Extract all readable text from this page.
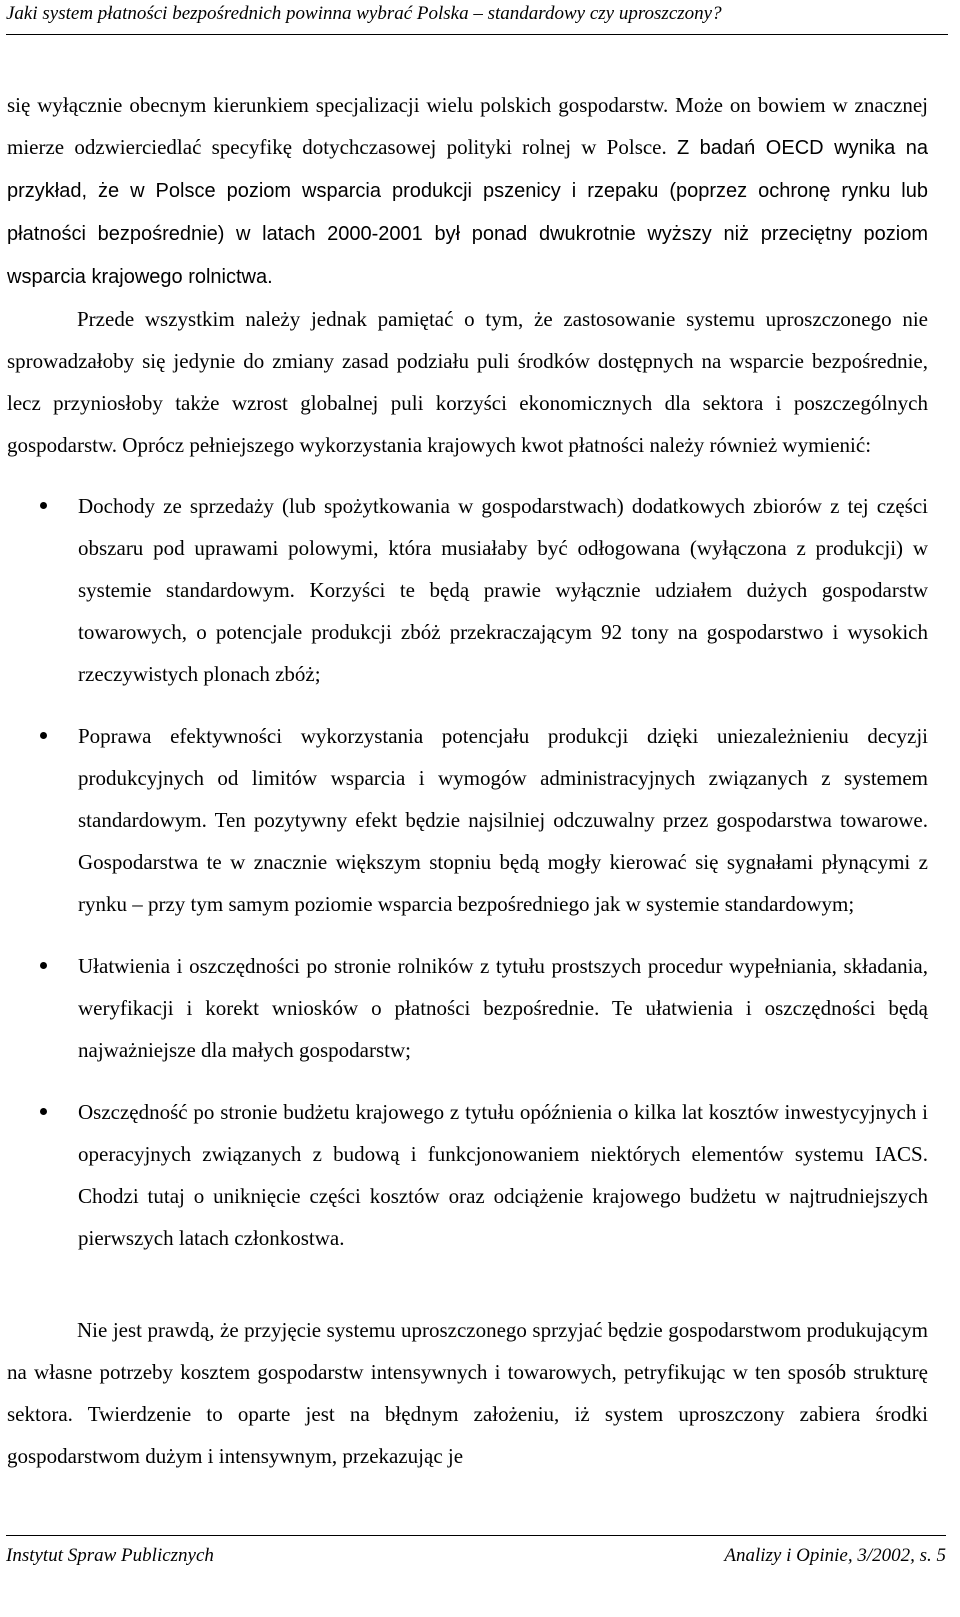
Jaki system płatności bezpośrednich powinna wybrać Polska – standardowy czy uproszczony?

się wyłącznie obecnym kierunkiem specjalizacji wielu polskich gospodarstw. Może on bowiem w znacznej mierze odzwierciedlać specyfikę dotychczasowej polityki rolnej w Polsce. Z badań OECD wynika na przykład, że w Polsce poziom wsparcia produkcji pszenicy i rzepaku (poprzez ochronę rynku lub płatności bezpośrednie) w latach 2000-2001 był ponad dwukrotnie wyższy niż przeciętny poziom wsparcia krajowego rolnictwa.

Przede wszystkim należy jednak pamiętać o tym, że zastosowanie systemu uproszczonego nie sprowadzałoby się jedynie do zmiany zasad podziału puli środków dostępnych na wsparcie bezpośrednie, lecz przyniosłoby także wzrost globalnej puli korzyści ekonomicznych dla sektora i poszczególnych gospodarstw. Oprócz pełniejszego wykorzystania krajowych kwot płatności należy również wymienić:

Dochody ze sprzedaży (lub spożytkowania w gospodarstwach) dodatkowych zbiorów z tej części obszaru pod uprawami polowymi, która musiałaby być odłogowana (wyłączona z produkcji) w systemie standardowym. Korzyści te będą prawie wyłącznie udziałem dużych gospodarstw towarowych, o potencjale produkcji zbóż przekraczającym 92 tony na gospodarstwo i wysokich rzeczywistych plonach zbóż;
Poprawa efektywności wykorzystania potencjału produkcji dzięki uniezależnieniu decyzji produkcyjnych od limitów wsparcia i wymogów administracyjnych związanych z systemem standardowym. Ten pozytywny efekt będzie najsilniej odczuwalny przez gospodarstwa towarowe. Gospodarstwa te w znacznie większym stopniu będą mogły kierować się sygnałami płynącymi z rynku – przy tym samym poziomie wsparcia bezpośredniego jak w systemie standardowym;
Ułatwienia i oszczędności po stronie rolników z tytułu prostszych procedur wypełniania, składania, weryfikacji i korekt wniosków o płatności bezpośrednie. Te ułatwienia i oszczędności będą najważniejsze dla małych gospodarstw;
Oszczędność po stronie budżetu krajowego z tytułu opóźnienia o kilka lat kosztów inwestycyjnych i operacyjnych związanych z budową i funkcjonowaniem niektórych elementów systemu IACS. Chodzi tutaj o uniknięcie części kosztów oraz odciążenie krajowego budżetu w najtrudniejszych pierwszych latach członkostwa.

Nie jest prawdą, że przyjęcie systemu uproszczonego sprzyjać będzie gospodarstwom produkującym na własne potrzeby kosztem gospodarstw intensywnych i towarowych, petryfikując w ten sposób strukturę sektora. Twierdzenie to oparte jest na błędnym założeniu, iż system uproszczony zabiera środki gospodarstwom dużym i intensywnym, przekazując je

Instytut Spraw Publicznych	Analizy i Opinie, 3/2002, s. 5
